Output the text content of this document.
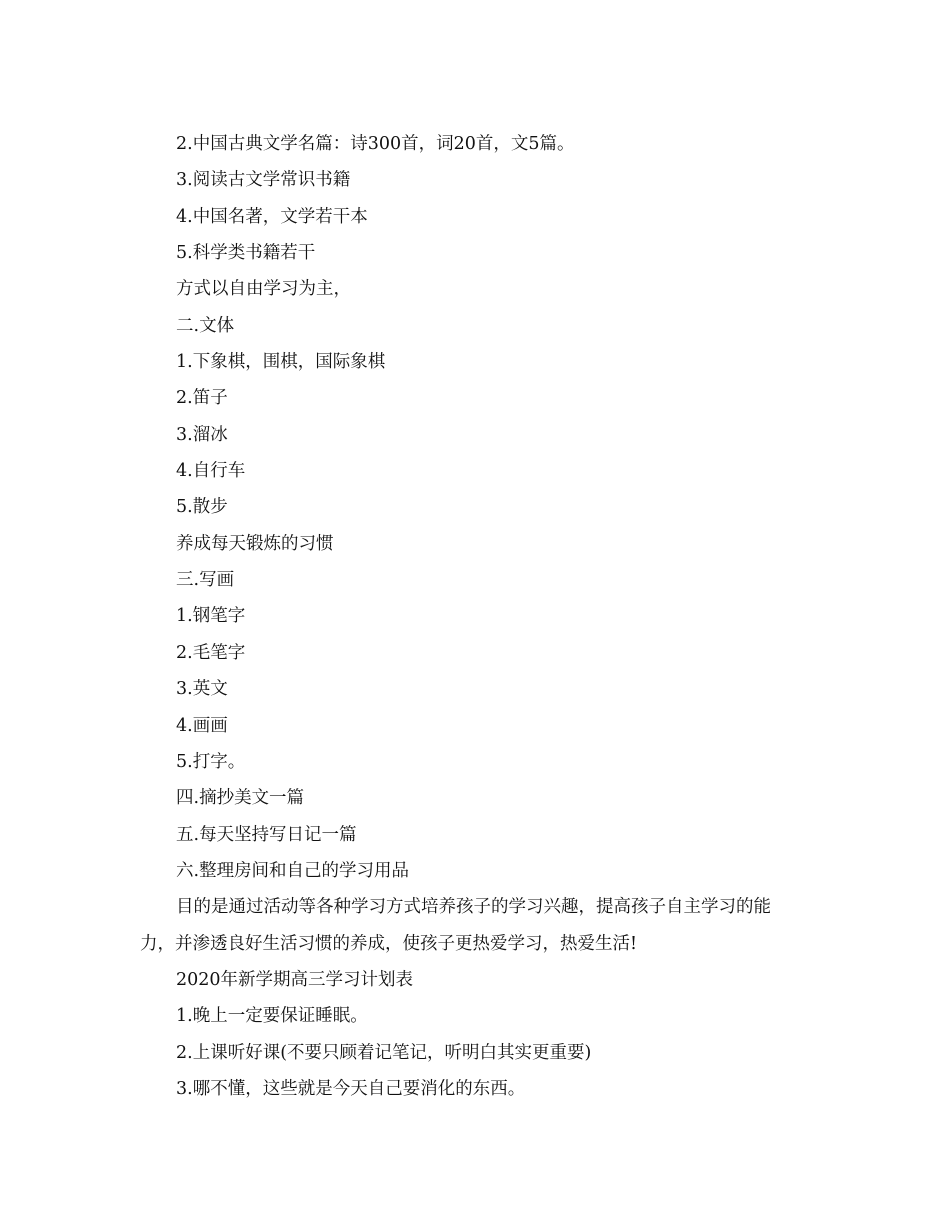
2.中国古典文学名篇：诗300首，词20首，文5篇。
3.阅读古文学常识书籍
4.中国名著，文学若干本
5.科学类书籍若干
方式以自由学习为主，
二.文体
1.下象棋，围棋，国际象棋
2.笛子
3.溜冰
4.自行车
5.散步
养成每天锻炼的习惯
三.写画
1.钢笔字
2.毛笔字
3.英文
4.画画
5.打字。
四.摘抄美文一篇
五.每天坚持写日记一篇
六.整理房间和自己的学习用品
目的是通过活动等各种学习方式培养孩子的学习兴趣，提高孩子自主学习的能
力，并渗透良好生活习惯的养成，使孩子更热爱学习，热爱生活!
2020年新学期高三学习计划表
1.晚上一定要保证睡眠。
2.上课听好课(不要只顾着记笔记，听明白其实更重要)
3.哪不懂，这些就是今天自己要消化的东西。
